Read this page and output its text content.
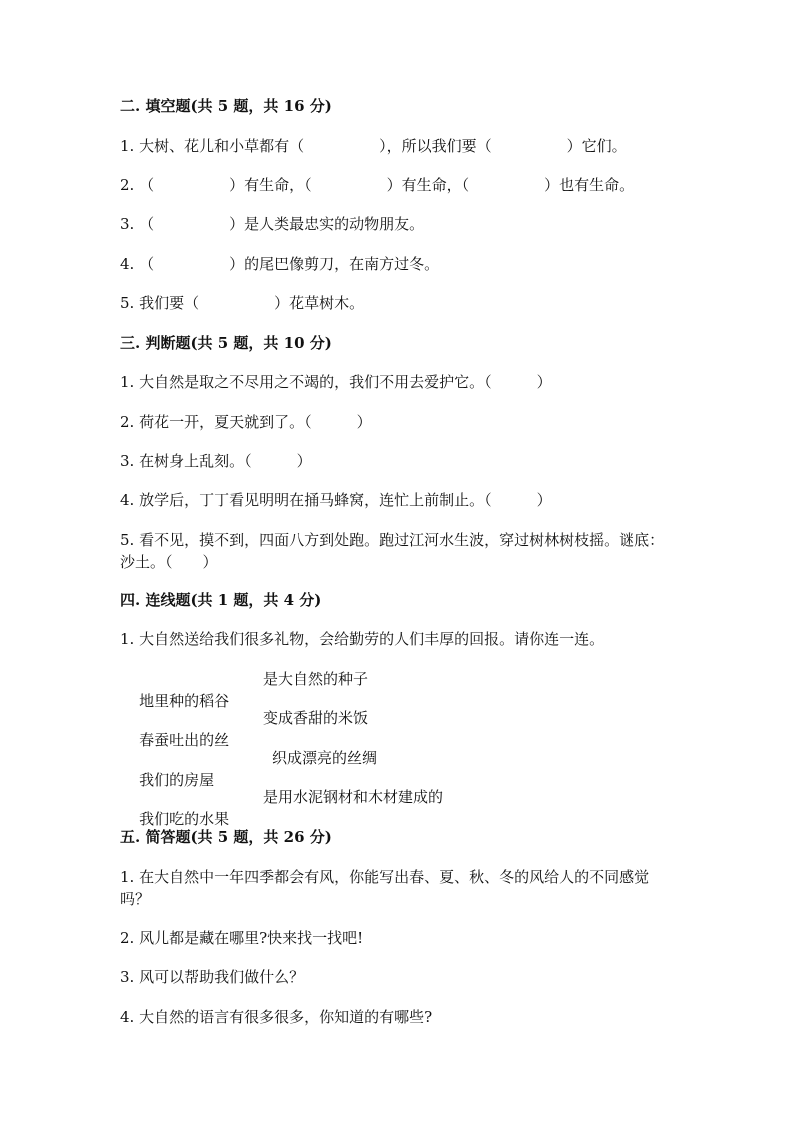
二. 填空题(共 5 题，共 16 分)

1. 大树、花儿和小草都有（　　　　　），所以我们要（　　　　　）它们。

2. （　　　　　）有生命，（　　　　　）有生命，（　　　　　）也有生命。

3. （　　　　　）是人类最忠实的动物朋友。

4. （　　　　　）的尾巴像剪刀，在南方过冬。

5. 我们要（　　　　　）花草树木。

三. 判断题(共 5 题，共 10 分)

1. 大自然是取之不尽用之不竭的，我们不用去爱护它。（　　　）

2. 荷花一开，夏天就到了。（　　　）

3. 在树身上乱刻。（　　　）

4. 放学后，丁丁看见明明在捅马蜂窝，连忙上前制止。（　　　）

5. 看不见，摸不到，四面八方到处跑。跑过江河水生波，穿过树林树枝摇。谜底：沙土。（　　）

四. 连线题(共 1 题，共 4 分)

1. 大自然送给我们很多礼物，会给勤劳的人们丰厚的回报。请你连一连。

地里种的稻谷

是大自然的种子

春蚕吐出的丝

变成香甜的米饭

我们的房屋

织成漂亮的丝绸

我们吃的水果

是用水泥钢材和木材建成的

五. 简答题(共 5 题，共 26 分)

1. 在大自然中一年四季都会有风，你能写出春、夏、秋、冬的风给人的不同感觉吗？

2. 风儿都是藏在哪里?快来找一找吧!

3. 风可以帮助我们做什么？

4. 大自然的语言有很多很多，你知道的有哪些?
